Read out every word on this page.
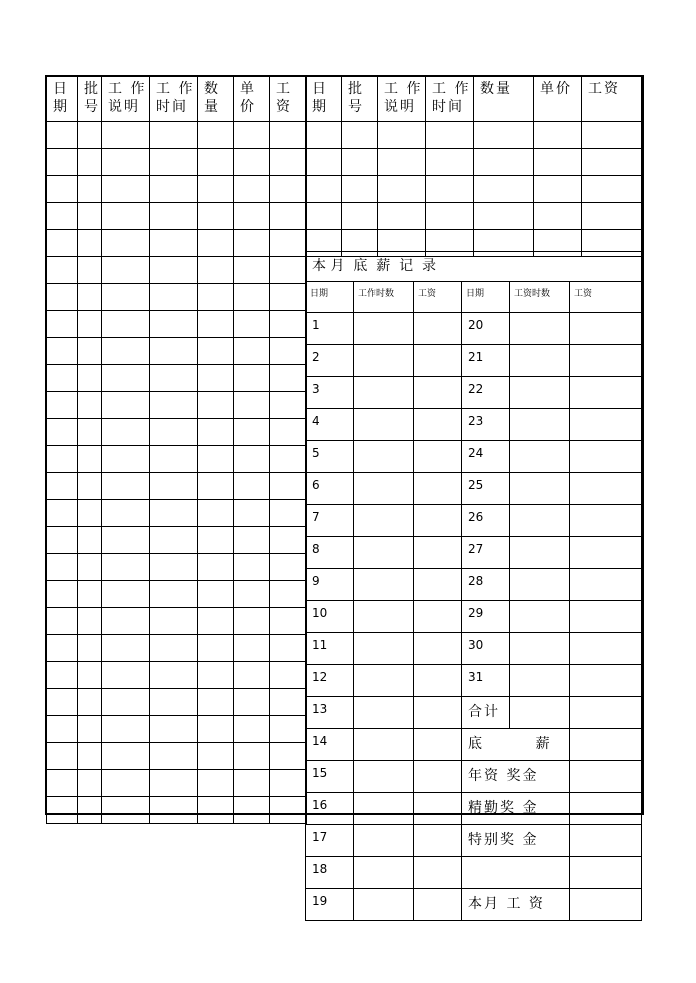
日期	批号	工 作说明	工 作时间	数量	单价	工资

日期	批号	工 作说明	工 作时间	数量	单价	工资

本 月  底  薪  记  录					
日期	工作时数	工资	日期	工资时数	工资
1			20		
2			21		
3			22		
4			23		
5			24		
6			25		
7			26		
8			27		
9			28		
10			29		
11			30		
12			31		
13			合计		
14			底        薪		
15			年资 奖金		
16			精勤奖 金		
17			特别奖 金		
18					
19			本月 工 资		
